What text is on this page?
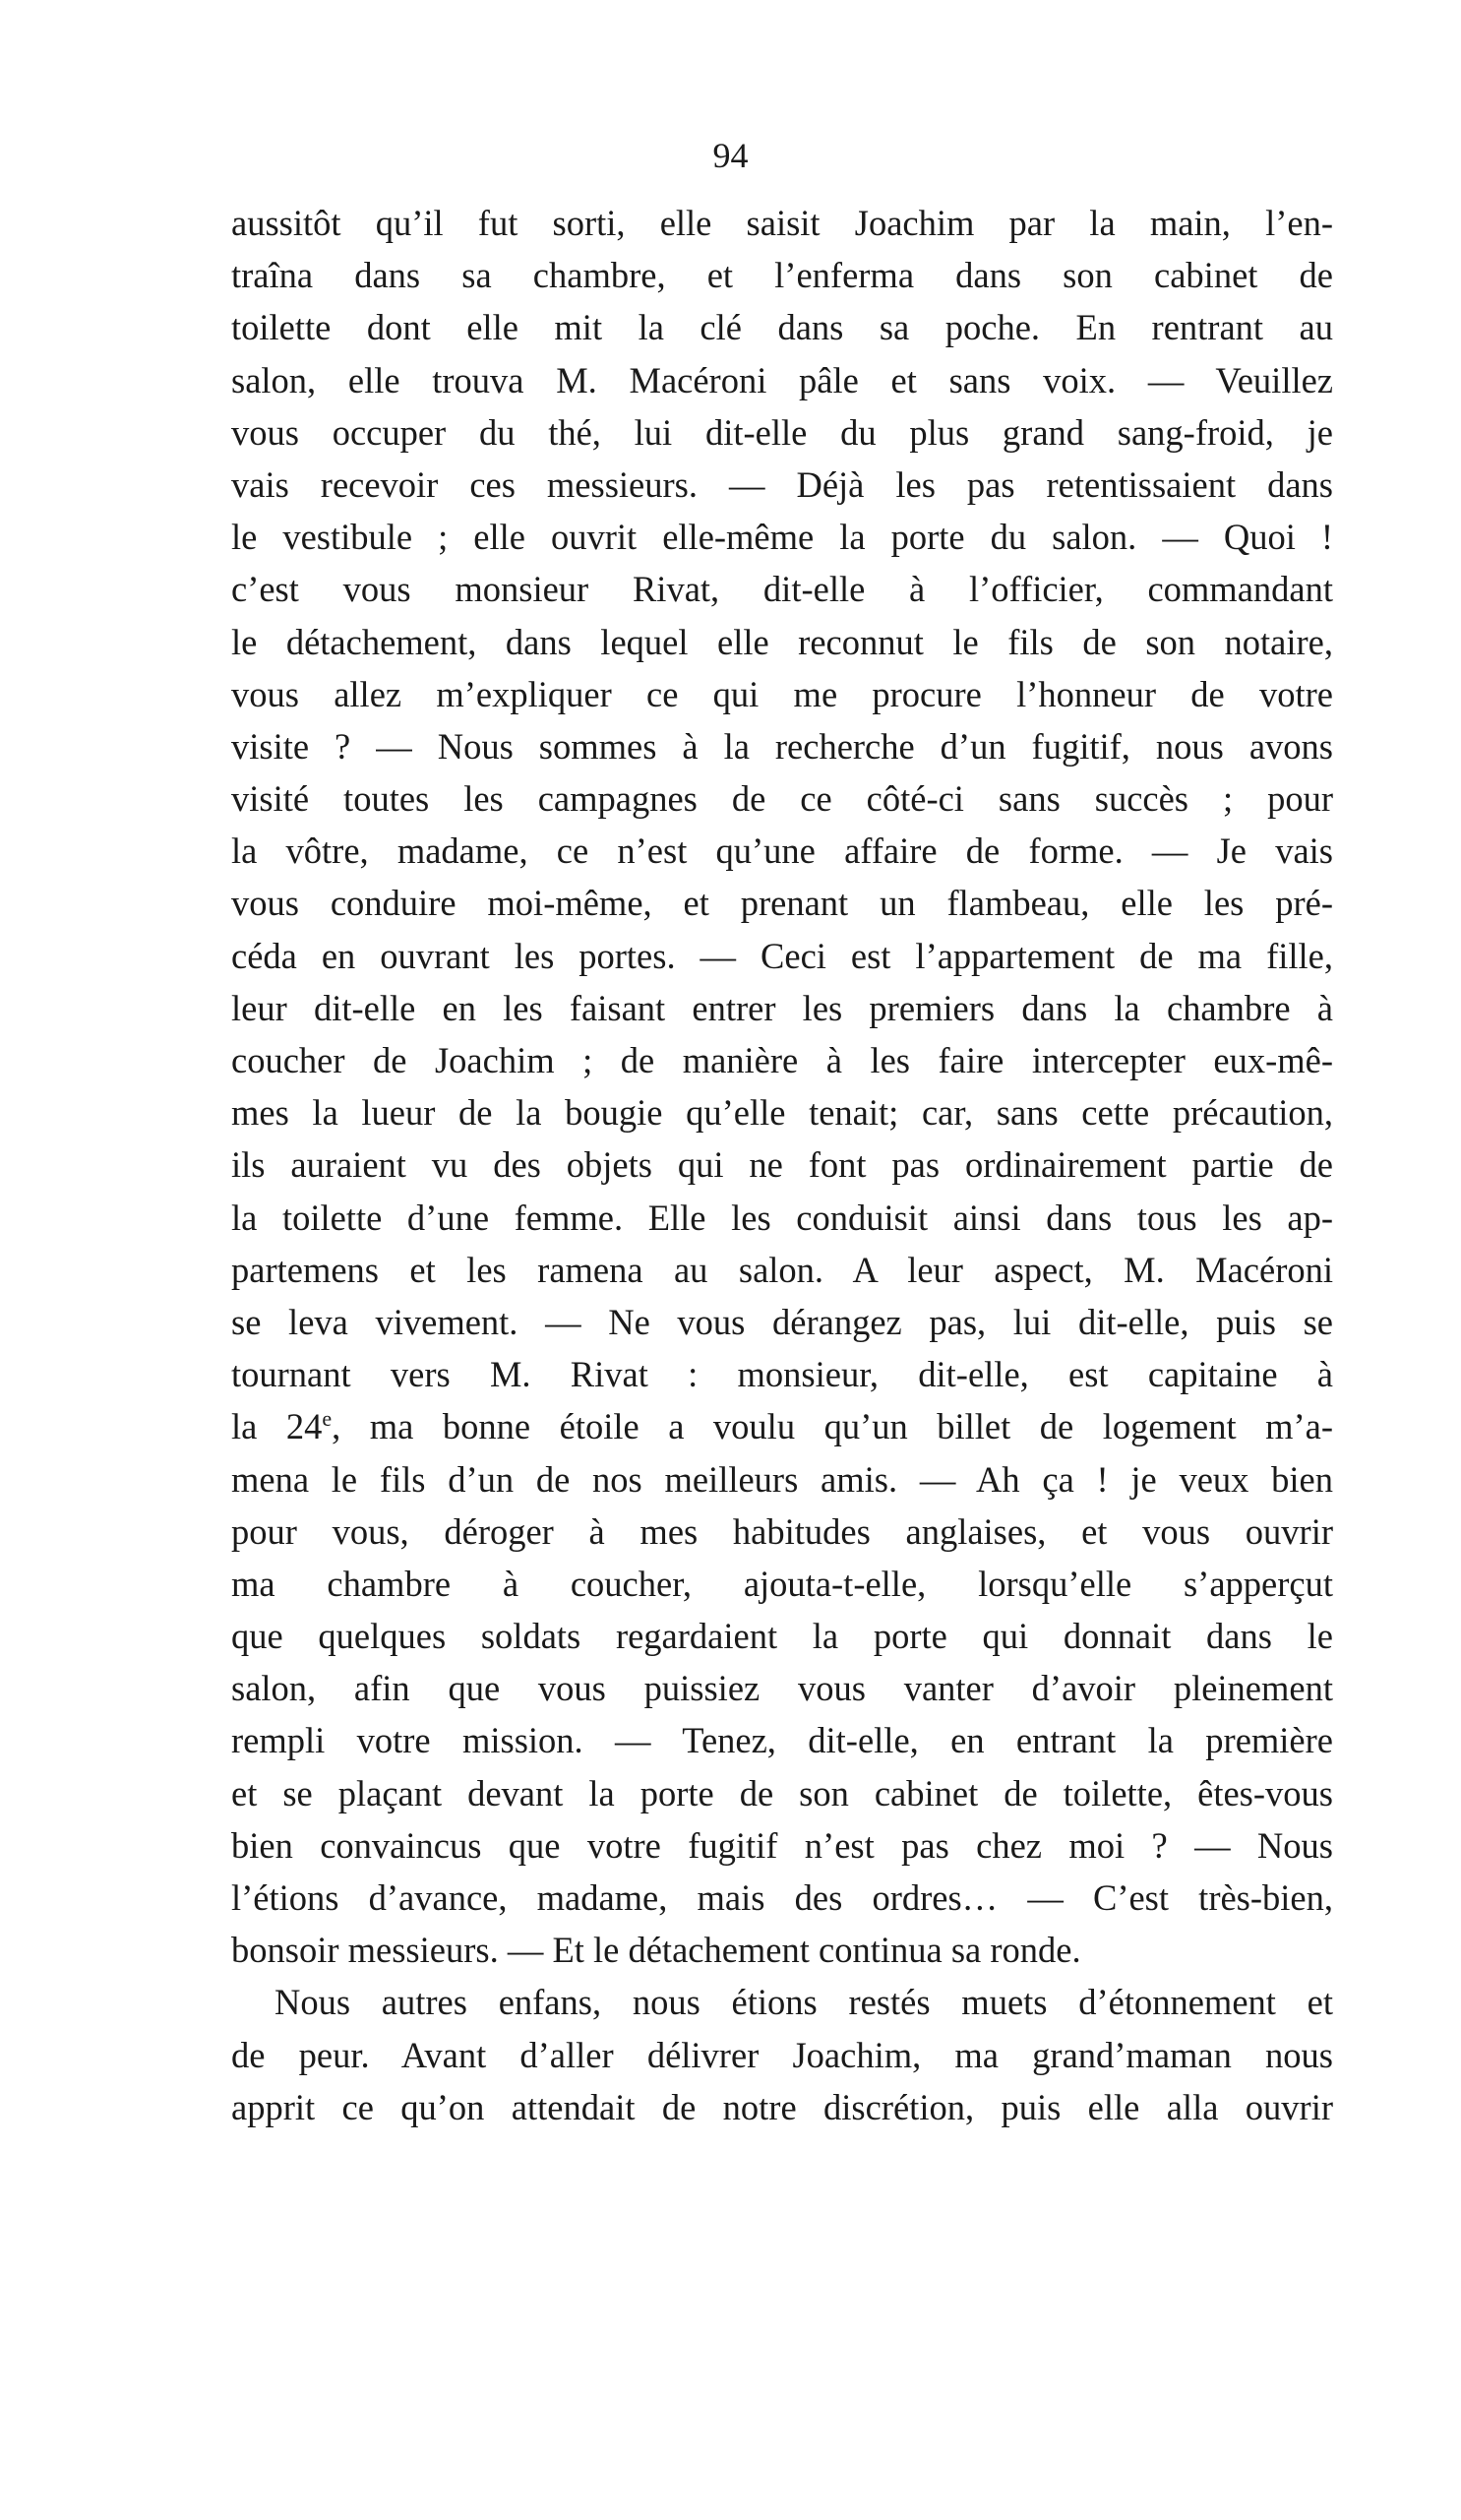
94
aussitôt qu’il fut sorti, elle saisit Joachim par la main, l’en-
traîna dans sa chambre, et l’enferma dans son cabinet de
toilette dont elle mit la clé dans sa poche. En rentrant au
salon, elle trouva M. Macéroni pâle et sans voix. — Veuillez
vous occuper du thé, lui dit-elle du plus grand sang-froid, je
vais recevoir ces messieurs. — Déjà les pas retentissaient dans
le vestibule ; elle ouvrit elle-même la porte du salon. — Quoi !
c’est vous monsieur Rivat, dit-elle à l’officier, commandant
le détachement, dans lequel elle reconnut le fils de son notaire,
vous allez m’expliquer ce qui me procure l’honneur de votre
visite ? — Nous sommes à la recherche d’un fugitif, nous avons
visité toutes les campagnes de ce côté-ci sans succès ; pour
la vôtre, madame, ce n’est qu’une affaire de forme. — Je vais
vous conduire moi-même, et prenant un flambeau, elle les pré-
céda en ouvrant les portes. — Ceci est l’appartement de ma fille,
leur dit-elle en les faisant entrer les premiers dans la chambre à
coucher de Joachim ; de manière à les faire intercepter eux-mê-
mes la lueur de la bougie qu’elle tenait; car, sans cette précaution,
ils auraient vu des objets qui ne font pas ordinairement partie de
la toilette d’une femme. Elle les conduisit ainsi dans tous les ap-
partemens et les ramena au salon. A leur aspect, M. Macéroni
se leva vivement. — Ne vous dérangez pas, lui dit-elle, puis se
tournant vers M. Rivat : monsieur, dit-elle, est capitaine à
la 24e, ma bonne étoile a voulu qu’un billet de logement m’a-
mena le fils d’un de nos meilleurs amis. — Ah ça ! je veux bien
pour vous, déroger à mes habitudes anglaises, et vous ouvrir
ma chambre à coucher, ajouta-t-elle, lorsqu’elle s’apperçut
que quelques soldats regardaient la porte qui donnait dans le
salon, afin que vous puissiez vous vanter d’avoir pleinement
rempli votre mission. — Tenez, dit-elle, en entrant la première
et se plaçant devant la porte de son cabinet de toilette, êtes-vous
bien convaincus que votre fugitif n’est pas chez moi ? — Nous
l’étions d’avance, madame, mais des ordres… — C’est très-bien,
bonsoir messieurs. — Et le détachement continua sa ronde.
Nous autres enfans, nous étions restés muets d’étonnement et
de peur. Avant d’aller délivrer Joachim, ma grand’maman nous
apprit ce qu’on attendait de notre discrétion, puis elle alla ouvrir
